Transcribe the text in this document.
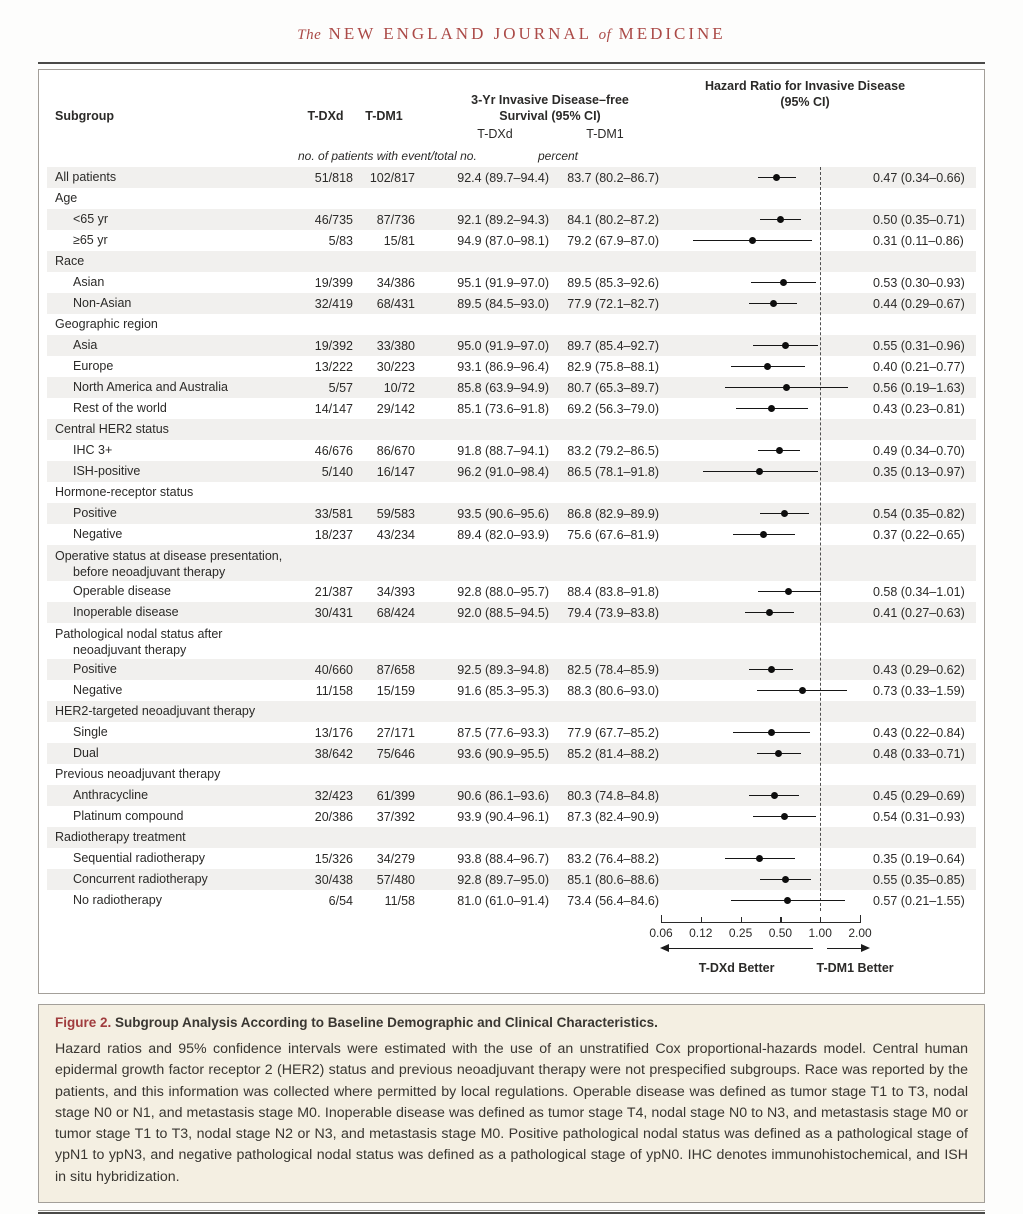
The NEW ENGLAND JOURNAL of MEDICINE
Subgroup	T-DXd	T-DM1
3-Yr Invasive Disease–free
Survival (95% CI)
Hazard Ratio for Invasive Disease
(95% CI)
T-DXd	T-DM1
no. of patients with event/total no.	percent
All patients	51/818	102/817	92.4 (89.7–94.4)	83.7 (80.2–86.7)	0.47 (0.34–0.66)
Age
<65 yr	46/735	87/736	92.1 (89.2–94.3)	84.1 (80.2–87.2)	0.50 (0.35–0.71)
≥65 yr	5/83	15/81	94.9 (87.0–98.1)	79.2 (67.9–87.0)	0.31 (0.11–0.86)
Race
Asian	19/399	34/386	95.1 (91.9–97.0)	89.5 (85.3–92.6)	0.53 (0.30–0.93)
Non-Asian	32/419	68/431	89.5 (84.5–93.0)	77.9 (72.1–82.7)	0.44 (0.29–0.67)
Geographic region
Asia	19/392	33/380	95.0 (91.9–97.0)	89.7 (85.4–92.7)	0.55 (0.31–0.96)
Europe	13/222	30/223	93.1 (86.9–96.4)	82.9 (75.8–88.1)	0.40 (0.21–0.77)
North America and Australia	5/57	10/72	85.8 (63.9–94.9)	80.7 (65.3–89.7)	0.56 (0.19–1.63)
Rest of the world	14/147	29/142	85.1 (73.6–91.8)	69.2 (56.3–79.0)	0.43 (0.23–0.81)
Central HER2 status
IHC 3+	46/676	86/670	91.8 (88.7–94.1)	83.2 (79.2–86.5)	0.49 (0.34–0.70)
ISH-positive	5/140	16/147	96.2 (91.0–98.4)	86.5 (78.1–91.8)	0.35 (0.13–0.97)
Hormone-receptor status
Positive	33/581	59/583	93.5 (90.6–95.6)	86.8 (82.9–89.9)	0.54 (0.35–0.82)
Negative	18/237	43/234	89.4 (82.0–93.9)	75.6 (67.6–81.9)	0.37 (0.22–0.65)
Operative status at disease presentation,
before neoadjuvant therapy
Operable disease	21/387	34/393	92.8 (88.0–95.7)	88.4 (83.8–91.8)	0.58 (0.34–1.01)
Inoperable disease	30/431	68/424	92.0 (88.5–94.5)	79.4 (73.9–83.8)	0.41 (0.27–0.63)
Pathological nodal status after
neoadjuvant therapy
Positive	40/660	87/658	92.5 (89.3–94.8)	82.5 (78.4–85.9)	0.43 (0.29–0.62)
Negative	11/158	15/159	91.6 (85.3–95.3)	88.3 (80.6–93.0)	0.73 (0.33–1.59)
HER2-targeted neoadjuvant therapy
Single	13/176	27/171	87.5 (77.6–93.3)	77.9 (67.7–85.2)	0.43 (0.22–0.84)
Dual	38/642	75/646	93.6 (90.9–95.5)	85.2 (81.4–88.2)	0.48 (0.33–0.71)
Previous neoadjuvant therapy
Anthracycline	32/423	61/399	90.6 (86.1–93.6)	80.3 (74.8–84.8)	0.45 (0.29–0.69)
Platinum compound	20/386	37/392	93.9 (90.4–96.1)	87.3 (82.4–90.9)	0.54 (0.31–0.93)
Radiotherapy treatment
Sequential radiotherapy	15/326	34/279	93.8 (88.4–96.7)	83.2 (76.4–88.2)	0.35 (0.19–0.64)
Concurrent radiotherapy	30/438	57/480	92.8 (89.7–95.0)	85.1 (80.6–88.6)	0.55 (0.35–0.85)
No radiotherapy	6/54	11/58	81.0 (61.0–91.4)	73.4 (56.4–84.6)	0.57 (0.21–1.55)
0.06 0.12 0.25 0.50 1.00 2.00
T-DXd Better	T-DM1 Better
Figure 2. Subgroup Analysis According to Baseline Demographic and Clinical Characteristics.
Hazard ratios and 95% confidence intervals were estimated with the use of an unstratified Cox proportional-hazards model. Central human epidermal growth factor receptor 2 (HER2) status and previous neoadjuvant therapy were not prespecified subgroups. Race was reported by the patients, and this information was collected where permitted by local regulations. Operable disease was defined as tumor stage T1 to T3, nodal stage N0 or N1, and metastasis stage M0. Inoperable disease was defined as tumor stage T4, nodal stage N0 to N3, and metastasis stage M0 or tumor stage T1 to T3, nodal stage N2 or N3, and metastasis stage M0. Positive pathological nodal status was defined as a pathological stage of ypN1 to ypN3, and negative pathological nodal status was defined as a pathological stage of ypN0. IHC denotes immunohistochemical, and ISH in situ hybridization.
